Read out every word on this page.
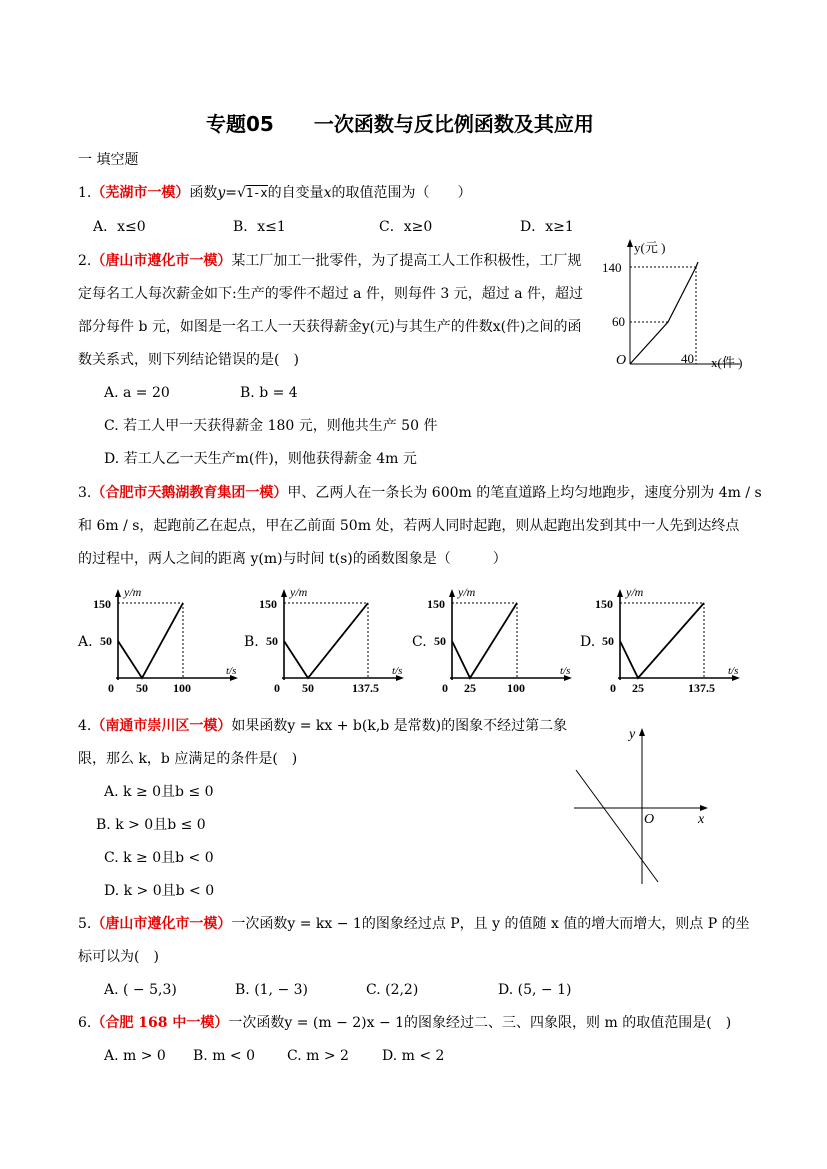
专题05　　一次函数与反比例函数及其应用
一 填空题
1.（芜湖市一模）函数y=√1-x的自变量x的取值范围为（　　）
A．x≤0	B．x≤1	C．x≥0	D．x≥1
2.（唐山市遵化市一模）某工厂加工一批零件，为了提高工人工作积极性，工厂规
定每名工人每次薪金如下:生产的零件不超过 a 件，则每件 3 元，超过 a 件，超过
部分每件 b 元，如图是一名工人一天获得薪金y(元)与其生产的件数x(件)之间的函
数关系式，则下列结论错误的是(　)
A. a = 20	B. b = 4
C. 若工人甲一天获得薪金 180 元，则他共生产 50 件
D. 若工人乙一天生产m(件)，则他获得薪金 4m 元
y(元 )
140
60
O	40 x(件 )
3.（合肥市天鹅湖教育集团一模）甲、乙两人在一条长为 600m 的笔直道路上均匀地跑步，速度分别为 4m / s
和 6m / s，起跑前乙在起点，甲在乙前面 50m 处，若两人同时起跑，则从起跑出发到其中一人先到达终点
的过程中，两人之间的距离 y(m)与时间 t(s)的函数图象是（　　　）
A.
y/m
150
50
0 50 100
t/s
B.
y/m
150
50
0 50	137.5
t/s
C.
y/m
150
50
0 25	100
t/s
D.
y/m
150
50
0 25	137.5
t/s
4.（南通市崇川区一模）如果函数y = kx + b(k,b 是常数)的图象不经过第二象
限，那么 k，b 应满足的条件是(　)
A. k ≥ 0且b ≤ 0
B. k > 0且b ≤ 0
C. k ≥ 0且b < 0
D. k > 0且b < 0
y
O	x
5.（唐山市遵化市一模）一次函数y = kx − 1的图象经过点 P，且 y 的值随 x 值的增大而增大，则点 P 的坐
标可以为(　)
A. ( − 5,3)	B. (1, − 3)	C. (2,2)	D. (5, − 1)
6.（合肥 168 中一模）一次函数y = (m − 2)x − 1的图象经过二、三、四象限，则 m 的取值范围是(　)
A. m > 0 B. m < 0 C. m > 2 D. m < 2
